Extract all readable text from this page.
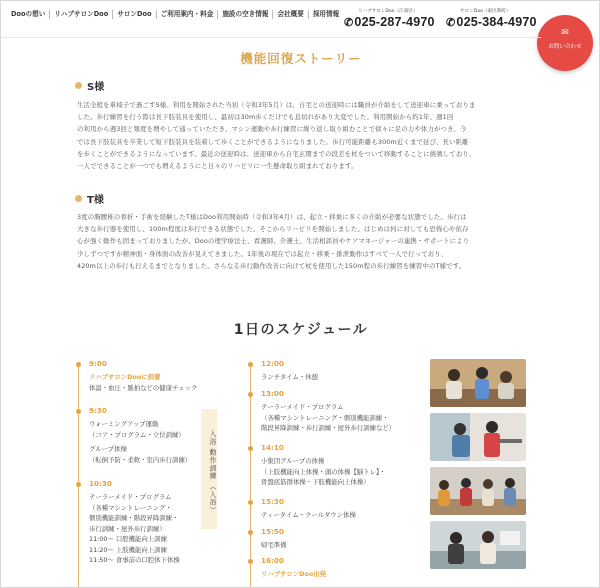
Dooの想い	リハブサロンDoo	サロンDoo	ご利用案内・料金	施設の空き情報	会社概要	採用情報	リハブサロンDoo（江南区）
✆025-287-4970
サロンDoo（東区新町）
✆025-384-4970
✉
お問い合わせ
機能回復ストーリー
S様
生活全般を車椅子で過ごすS様。利用を開始された当初（令和3年5月）は、自宅との送迎時には職員が介助をして送迎車に乗っておりま
した。歩行練習を行う際は長下肢装具を使用し、最初は30m歩くだけでも息切れがあり大変でした。利用開始から約1年、週1回
の利用から週3回と頻度を増やして通っていただき、マシン運動や歩行練習に繰り返し取り組むことで徐々に足の力や体力がつき、今
では長下肢装具を卒業して短下肢装具を装着して歩くことができるようになりました。歩行可能距離も300m近くまで延び、長い距離
を歩くことができるようになっています。最近の送迎時は、送迎車から自宅玄関までの段差を杖をついて移動することに挑戦しており、
一人でできることが一つでも増えるようにと日々のリハビリに一生懸命取り組まれております。
T様
3度の胸腰椎の骨折・手術を経験したT様はDoo利用開始時（令和3年4月）は、起立・移乗に多くの介助が必要な状態でした。歩行は
大きな歩行器を使用し、100m程度は歩行できる状態でした。そこからリハビリを開始しました。はじめは何に対しても恐怖心や依存
心が強く動作も固まっておりましたが、Dooの理学療法士、看護師、介護士、生活相談員やケアマネージャーの連携・サポートにより
少しずつですが精神面・身体面の改善が見えてきました。1年後の現在では起立・移乗・排泄動作はすべて一人で行っており、
420m以上の歩行も行えるまでとなりました。さらなる歩行動作改善に向けて杖を使用した150m程の歩行練習を練習中のT様です。
1日のスケジュール
9:00
リハブサロンDooに到着
体温・血圧・脈拍などの健康チェック
9:30
ウォーミングアップ運動
（コア・プログラム・立位訓練）
グループ体操
（転倒予防・柔軟・室内歩行訓練）
10:30
テーラーメイド・プログラム
（各種マシントレーニング・
個別機能訓練・階段昇降訓練・
歩行訓練・屋外歩行訓練）
11:00〜 口腔機能向上訓練
11:20〜 上肢機能向上訓練
11:50〜 食事前の口腔体下体操
入浴 動作訓練 （入浴）
12:00
ランチタイム・休憩
13:00
テーラーメイド・プログラム
（各種マシントレーニング・個別機能訓練・
階段昇降訓練・歩行訓練・屋外歩行訓練など）
14:10
小集団グループの体操
（上肢機能向上体操・頭の体操【脳トレ】・
骨盤底筋群体操・下肢機能向上体操）
15:30
ティータイム・クールダウン体操
15:50
帰宅準備
16:00
リハブサロンDoo出発
